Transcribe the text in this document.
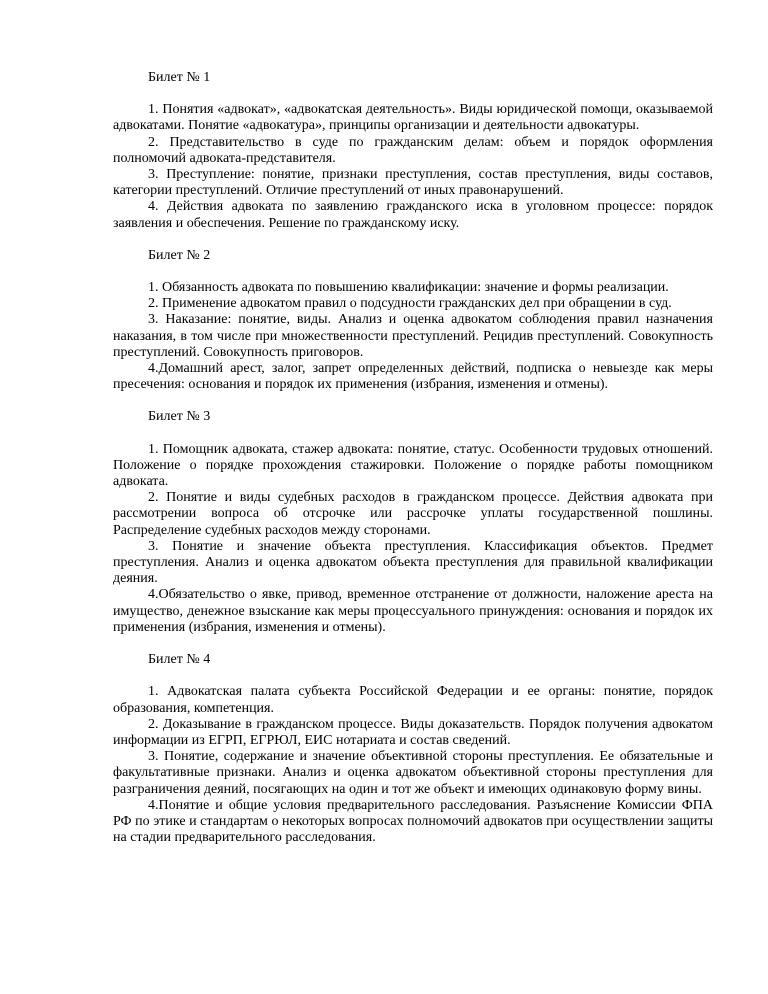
Билет № 1

1. Понятия «адвокат», «адвокатская деятельность». Виды юридической помощи, оказываемой адвокатами. Понятие «адвокатура», принципы организации и деятельности адвокатуры.

2. Представительство в суде по гражданским делам: объем и порядок оформления полномочий адвоката-представителя.

3. Преступление: понятие, признаки преступления, состав преступления, виды составов, категории преступлений. Отличие преступлений от иных правонарушений.

4. Действия адвоката по заявлению гражданского иска в уголовном процессе: порядок заявления и обеспечения. Решение по гражданскому иску.

Билет № 2

1. Обязанность адвоката по повышению квалификации: значение и формы реализации.

2. Применение адвокатом правил о подсудности гражданских дел при обращении в суд.

3. Наказание: понятие, виды. Анализ и оценка адвокатом соблюдения правил назначения наказания, в том числе при множественности преступлений. Рецидив преступлений. Совокупность преступлений. Совокупность приговоров.

4.Домашний арест, залог, запрет определенных действий, подписка о невыезде как меры пресечения: основания и порядок их применения (избрания, изменения и отмены).

Билет № 3

1. Помощник адвоката, стажер адвоката: понятие, статус. Особенности трудовых отношений. Положение о порядке прохождения стажировки. Положение о порядке работы помощником адвоката.

2. Понятие и виды судебных расходов в гражданском процессе. Действия адвоката при рассмотрении вопроса об отсрочке или рассрочке уплаты государственной пошлины. Распределение судебных расходов между сторонами.

3. Понятие и значение объекта преступления. Классификация объектов. Предмет преступления. Анализ и оценка адвокатом объекта преступления для правильной квалификации деяния.

4.Обязательство о явке, привод, временное отстранение от должности, наложение ареста на имущество, денежное взыскание как меры процессуального принуждения: основания и порядок их применения (избрания, изменения и отмены).

Билет № 4

1. Адвокатская палата субъекта Российской Федерации и ее органы: понятие, порядок образования, компетенция.

2. Доказывание в гражданском процессе. Виды доказательств. Порядок получения адвокатом информации из ЕГРП, ЕГРЮЛ, ЕИС нотариата и состав сведений.

3. Понятие, содержание и значение объективной стороны преступления. Ее обязательные и факультативные признаки. Анализ и оценка адвокатом объективной стороны преступления для разграничения деяний, посягающих на один и тот же объект и имеющих одинаковую форму вины.

4.Понятие и общие условия предварительного расследования. Разъяснение Комиссии ФПА РФ по этике и стандартам о некоторых вопросах полномочий адвокатов при осуществлении защиты на стадии предварительного расследования.
